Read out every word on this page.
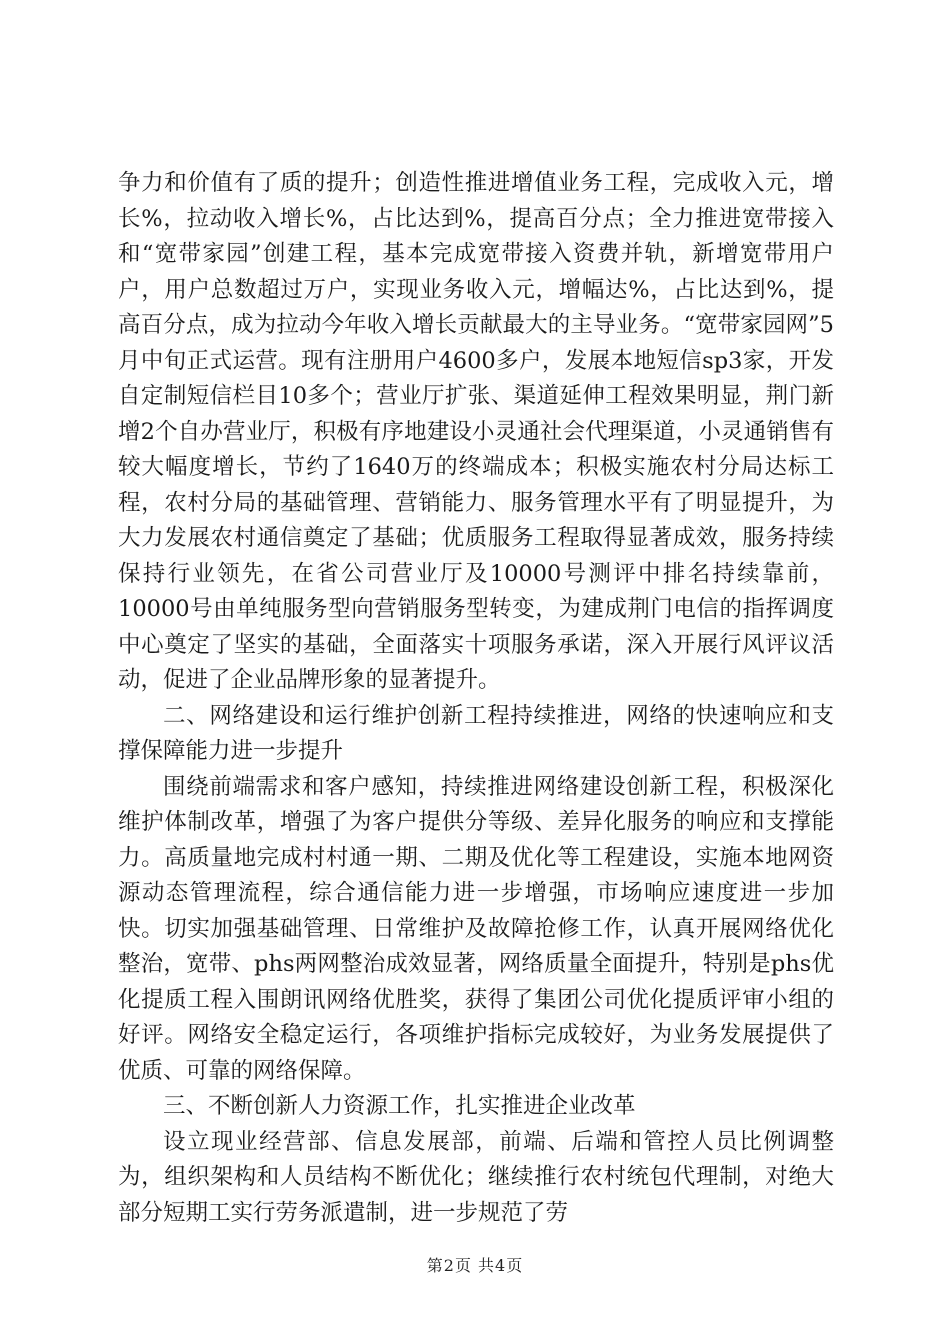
争力和价值有了质的提升；创造性推进增值业务工程，完成收入元，增长%，拉动收入增长%，占比达到%，提高百分点；全力推进宽带接入和“宽带家园”创建工程，基本完成宽带接入资费并轨，新增宽带用户户，用户总数超过万户，实现业务收入元，增幅达%，占比达到%，提高百分点，成为拉动今年收入增长贡献最大的主导业务。“宽带家园网”5月中旬正式运营。现有注册用户4600多户，发展本地短信sp3家，开发自定制短信栏目10多个；营业厅扩张、渠道延伸工程效果明显，荆门新增2个自办营业厅，积极有序地建设小灵通社会代理渠道，小灵通销售有较大幅度增长，节约了1640万的终端成本；积极实施农村分局达标工程，农村分局的基础管理、营销能力、服务管理水平有了明显提升，为大力发展农村通信奠定了基础；优质服务工程取得显著成效，服务持续保持行业领先，在省公司营业厅及10000号测评中排名持续靠前，10000号由单纯服务型向营销服务型转变，为建成荆门电信的指挥调度中心奠定了坚实的基础，全面落实十项服务承诺，深入开展行风评议活动，促进了企业品牌形象的显著提升。

二、网络建设和运行维护创新工程持续推进，网络的快速响应和支撑保障能力进一步提升

围绕前端需求和客户感知，持续推进网络建设创新工程，积极深化维护体制改革，增强了为客户提供分等级、差异化服务的响应和支撑能力。高质量地完成村村通一期、二期及优化等工程建设，实施本地网资源动态管理流程，综合通信能力进一步增强，市场响应速度进一步加快。切实加强基础管理、日常维护及故障抢修工作，认真开展网络优化整治，宽带、phs两网整治成效显著，网络质量全面提升，特别是phs优化提质工程入围朗讯网络优胜奖，获得了集团公司优化提质评审小组的好评。网络安全稳定运行，各项维护指标完成较好，为业务发展提供了优质、可靠的网络保障。

三、不断创新人力资源工作，扎实推进企业改革

设立现业经营部、信息发展部，前端、后端和管控人员比例调整为，组织架构和人员结构不断优化；继续推行农村统包代理制，对绝大部分短期工实行劳务派遣制，进一步规范了劳

第2页 共4页
